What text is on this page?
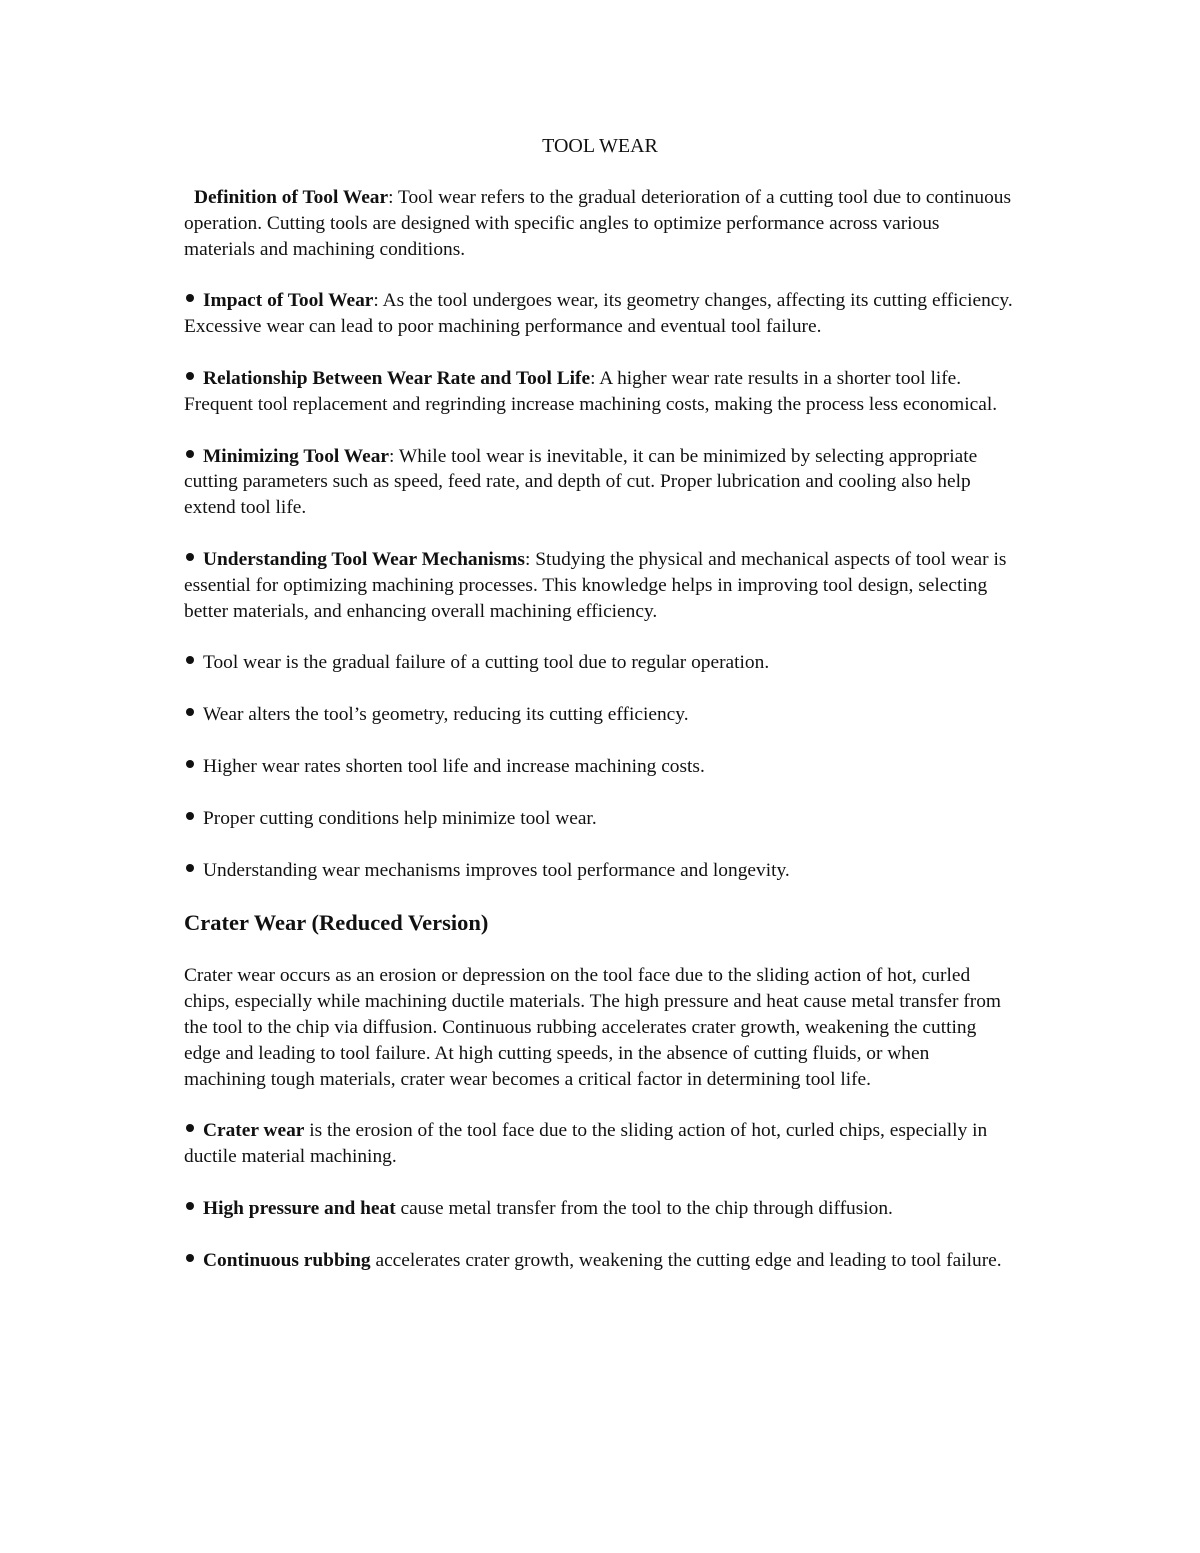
TOOL WEAR

Definition of Tool Wear: Tool wear refers to the gradual deterioration of a cutting tool due to continuous operation. Cutting tools are designed with specific angles to optimize performance across various materials and machining conditions.

Impact of Tool Wear: As the tool undergoes wear, its geometry changes, affecting its cutting efficiency. Excessive wear can lead to poor machining performance and eventual tool failure.

Relationship Between Wear Rate and Tool Life: A higher wear rate results in a shorter tool life. Frequent tool replacement and regrinding increase machining costs, making the process less economical.

Minimizing Tool Wear: While tool wear is inevitable, it can be minimized by selecting appropriate cutting parameters such as speed, feed rate, and depth of cut. Proper lubrication and cooling also help extend tool life.

Understanding Tool Wear Mechanisms: Studying the physical and mechanical aspects of tool wear is essential for optimizing machining processes. This knowledge helps in improving tool design, selecting better materials, and enhancing overall machining efficiency.

Tool wear is the gradual failure of a cutting tool due to regular operation.

Wear alters the tool’s geometry, reducing its cutting efficiency.

Higher wear rates shorten tool life and increase machining costs.

Proper cutting conditions help minimize tool wear.

Understanding wear mechanisms improves tool performance and longevity.

Crater Wear (Reduced Version)

Crater wear occurs as an erosion or depression on the tool face due to the sliding action of hot, curled chips, especially while machining ductile materials. The high pressure and heat cause metal transfer from the tool to the chip via diffusion. Continuous rubbing accelerates crater growth, weakening the cutting edge and leading to tool failure. At high cutting speeds, in the absence of cutting fluids, or when machining tough materials, crater wear becomes a critical factor in determining tool life.

Crater wear is the erosion of the tool face due to the sliding action of hot, curled chips, especially in ductile material machining.

High pressure and heat cause metal transfer from the tool to the chip through diffusion.

Continuous rubbing accelerates crater growth, weakening the cutting edge and leading to tool failure.
